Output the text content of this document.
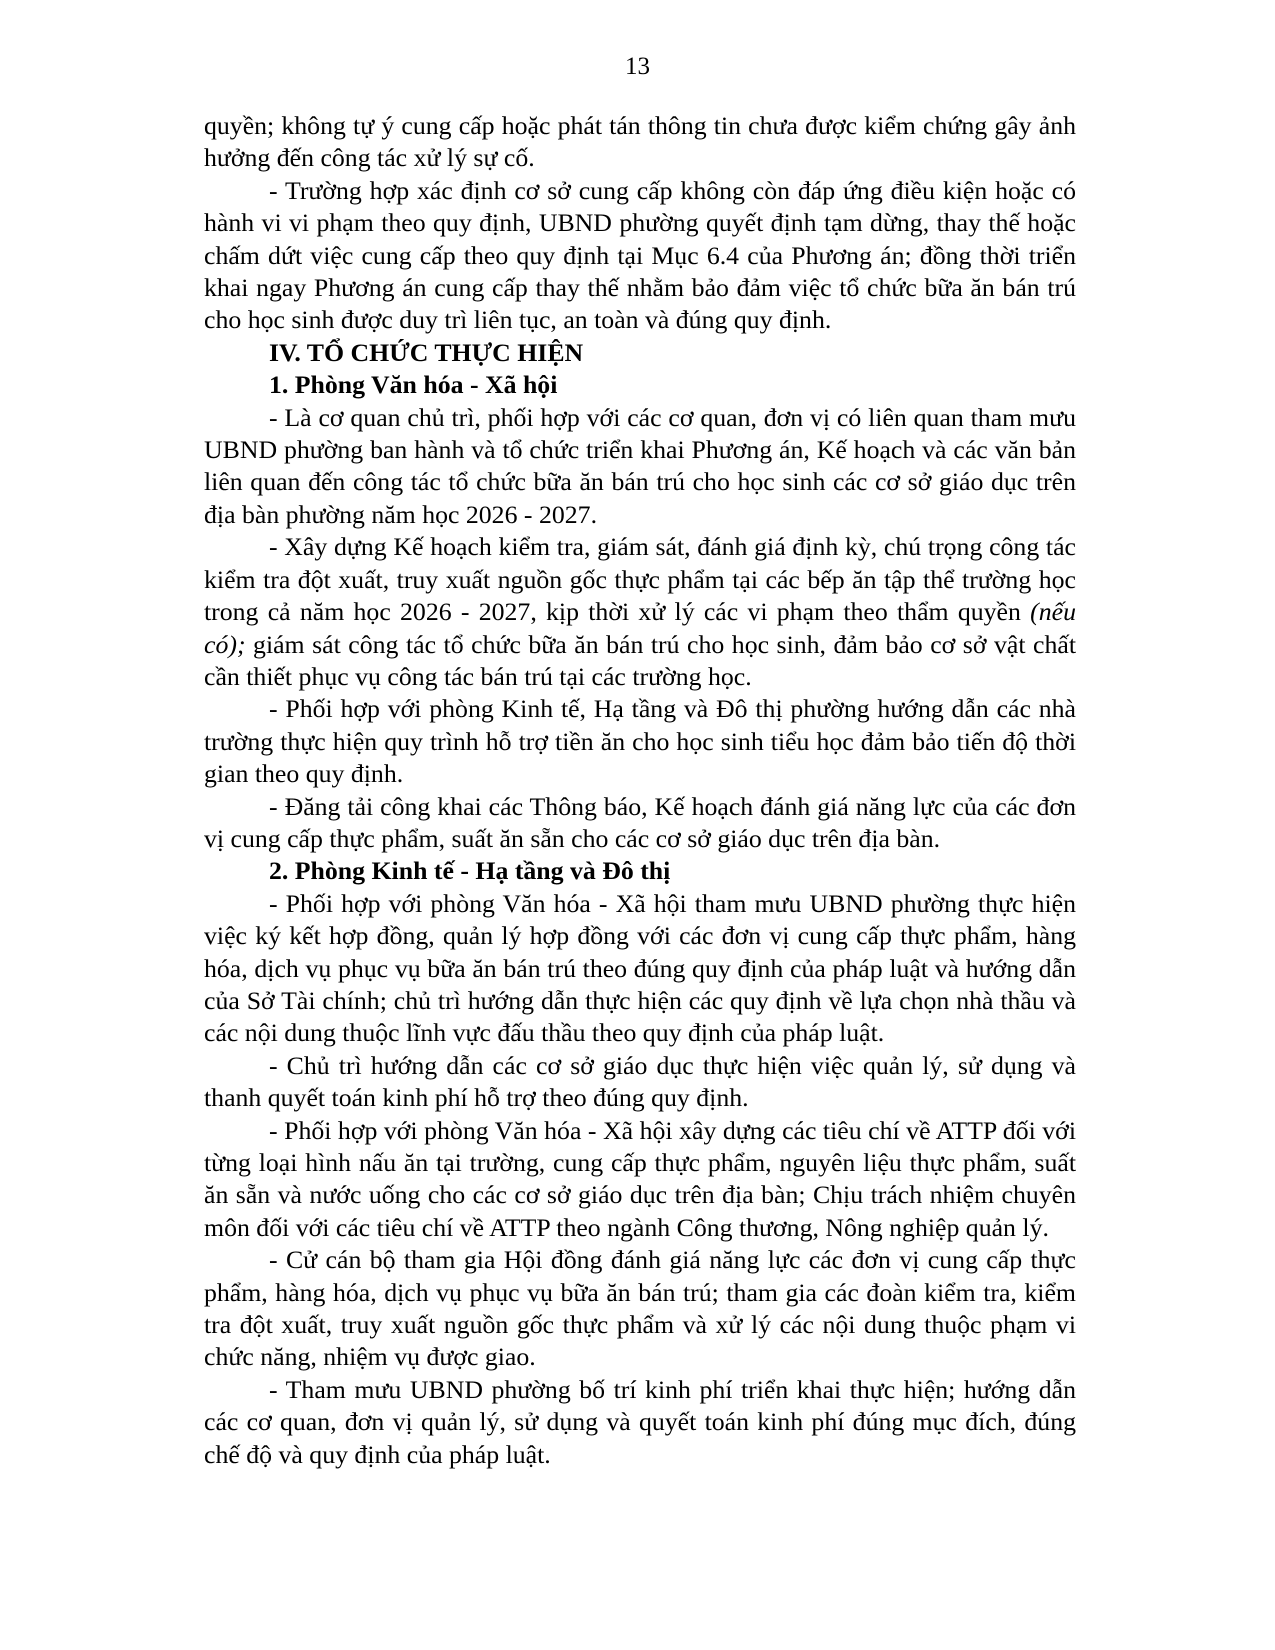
13

quyền; không tự ý cung cấp hoặc phát tán thông tin chưa được kiểm chứng gây ảnh hưởng đến công tác xử lý sự cố.

- Trường hợp xác định cơ sở cung cấp không còn đáp ứng điều kiện hoặc có hành vi vi phạm theo quy định, UBND phường quyết định tạm dừng, thay thế hoặc chấm dứt việc cung cấp theo quy định tại Mục 6.4 của Phương án; đồng thời triển khai ngay Phương án cung cấp thay thế nhằm bảo đảm việc tổ chức bữa ăn bán trú cho học sinh được duy trì liên tục, an toàn và đúng quy định.

IV. TỔ CHỨC THỰC HIỆN

1. Phòng Văn hóa - Xã hội

- Là cơ quan chủ trì, phối hợp với các cơ quan, đơn vị có liên quan tham mưu UBND phường ban hành và tổ chức triển khai Phương án, Kế hoạch và các văn bản liên quan đến công tác tổ chức bữa ăn bán trú cho học sinh các cơ sở giáo dục trên địa bàn phường năm học 2026 - 2027.

- Xây dựng Kế hoạch kiểm tra, giám sát, đánh giá định kỳ, chú trọng công tác kiểm tra đột xuất, truy xuất nguồn gốc thực phẩm tại các bếp ăn tập thể trường học trong cả năm học 2026 - 2027, kịp thời xử lý các vi phạm theo thẩm quyền (nếu có); giám sát công tác tổ chức bữa ăn bán trú cho học sinh, đảm bảo cơ sở vật chất cần thiết phục vụ công tác bán trú tại các trường học.

- Phối hợp với phòng Kinh tế, Hạ tầng và Đô thị phường hướng dẫn các nhà trường thực hiện quy trình hỗ trợ tiền ăn cho học sinh tiểu học đảm bảo tiến độ thời gian theo quy định.

- Đăng tải công khai các Thông báo, Kế hoạch đánh giá năng lực của các đơn vị cung cấp thực phẩm, suất ăn sẵn cho các cơ sở giáo dục trên địa bàn.

2. Phòng Kinh tế - Hạ tầng và Đô thị

- Phối hợp với phòng Văn hóa - Xã hội tham mưu UBND phường thực hiện việc ký kết hợp đồng, quản lý hợp đồng với các đơn vị cung cấp thực phẩm, hàng hóa, dịch vụ phục vụ bữa ăn bán trú theo đúng quy định của pháp luật và hướng dẫn của Sở Tài chính; chủ trì hướng dẫn thực hiện các quy định về lựa chọn nhà thầu và các nội dung thuộc lĩnh vực đấu thầu theo quy định của pháp luật.

- Chủ trì hướng dẫn các cơ sở giáo dục thực hiện việc quản lý, sử dụng và thanh quyết toán kinh phí hỗ trợ theo đúng quy định.

- Phối hợp với phòng Văn hóa - Xã hội xây dựng các tiêu chí về ATTP đối với từng loại hình nấu ăn tại trường, cung cấp thực phẩm, nguyên liệu thực phẩm, suất ăn sẵn và nước uống cho các cơ sở giáo dục trên địa bàn; Chịu trách nhiệm chuyên môn đối với các tiêu chí về ATTP theo ngành Công thương, Nông nghiệp quản lý.

- Cử cán bộ tham gia Hội đồng đánh giá năng lực các đơn vị cung cấp thực phẩm, hàng hóa, dịch vụ phục vụ bữa ăn bán trú; tham gia các đoàn kiểm tra, kiểm tra đột xuất, truy xuất nguồn gốc thực phẩm và xử lý các nội dung thuộc phạm vi chức năng, nhiệm vụ được giao.

- Tham mưu UBND phường bố trí kinh phí triển khai thực hiện; hướng dẫn các cơ quan, đơn vị quản lý, sử dụng và quyết toán kinh phí đúng mục đích, đúng chế độ và quy định của pháp luật.
